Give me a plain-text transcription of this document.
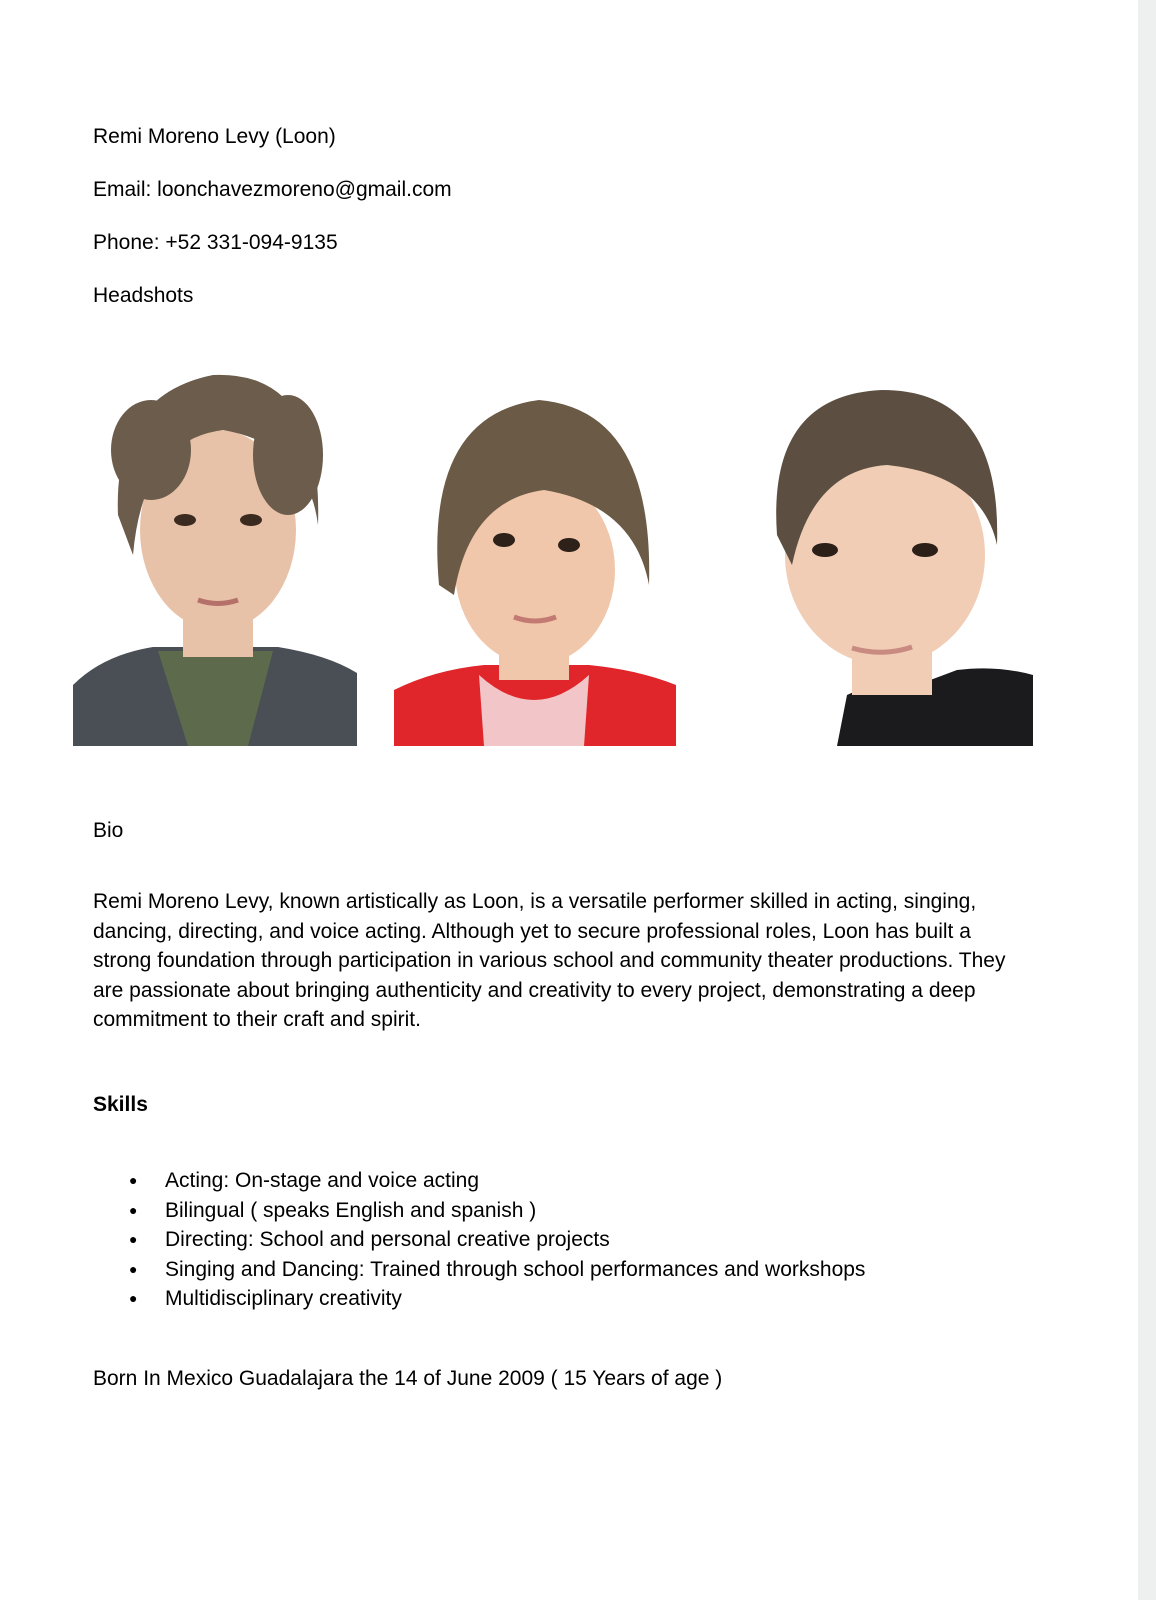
Remi Moreno Levy (Loon)
Email: loonchavezmoreno@gmail.com
Phone: +52 331-094-9135
Headshots
Bio
Remi Moreno Levy, known artistically as Loon, is a versatile performer skilled in acting, singing, dancing, directing, and voice acting. Although yet to secure professional roles, Loon has built a strong foundation through participation in various school and community theater productions. They are passionate about bringing authenticity and creativity to every project, demonstrating a deep commitment to their craft and spirit.
Skills
● Acting: On-stage and voice acting
● Bilingual ( speaks English and spanish )
● Directing: School and personal creative projects
● Singing and Dancing: Trained through school performances and workshops
● Multidisciplinary creativity
Born In Mexico Guadalajara the 14 of June 2009 ( 15 Years of age )
